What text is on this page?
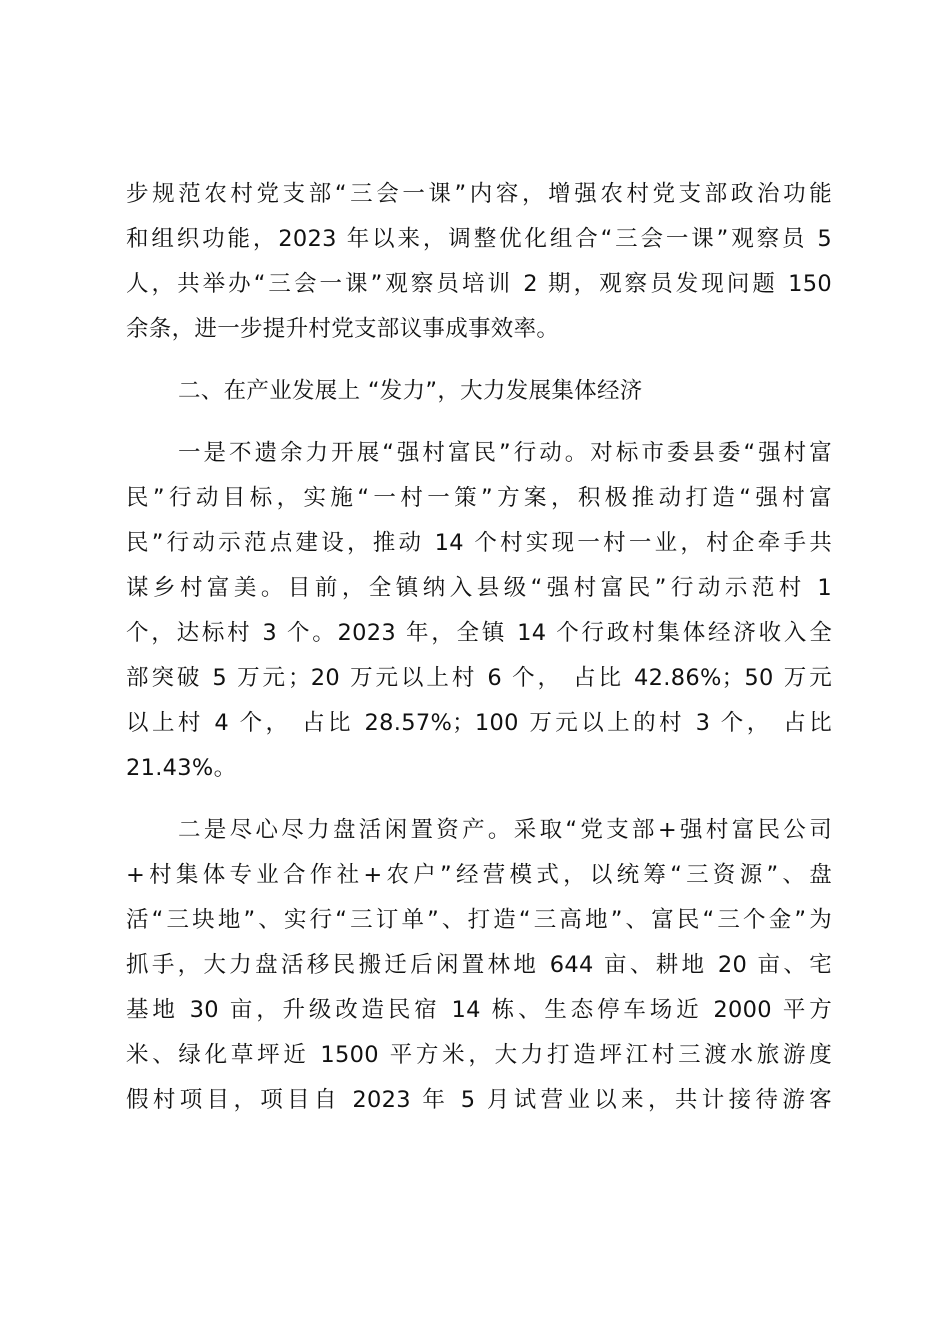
步规范农村党支部“三会一课”内容，增强农村党支部政治功能
和组织功能，2023 年以来，调整优化组合“三会一课”观察员 5
人，共举办“三会一课”观察员培训 2 期，观察员发现问题 150
余条，进一步提升村党支部议事成事效率。

二、在产业发展上 “发力”，大力发展集体经济

一是不遗余力开展“强村富民”行动。对标市委县委“强村富
民”行动目标，实施“一村一策”方案，积极推动打造“强村富
民”行动示范点建设，推动 14 个村实现一村一业，村企牵手共
谋乡村富美。目前，全镇纳入县级“强村富民”行动示范村 1
个，达标村 3 个。2023 年，全镇 14 个行政村集体经济收入全
部突破 5 万元；20 万元以上村 6 个， 占比 42.86%；50 万元
以上村 4 个， 占比 28.57%；100 万元以上的村 3 个， 占比
21.43%。

二是尽心尽力盘活闲置资产。采取“党支部+强村富民公司
+村集体专业合作社+农户”经营模式，以统筹“三资源”、盘
活“三块地”、实行“三订单”、打造“三高地”、富民“三个金”为
抓手，大力盘活移民搬迁后闲置林地 644 亩、耕地 20 亩、宅
基地 30 亩，升级改造民宿 14 栋、生态停车场近 2000 平方
米、绿化草坪近 1500 平方米，大力打造坪江村三渡水旅游度
假村项目，项目自 2023 年 5 月试营业以来，共计接待游客
